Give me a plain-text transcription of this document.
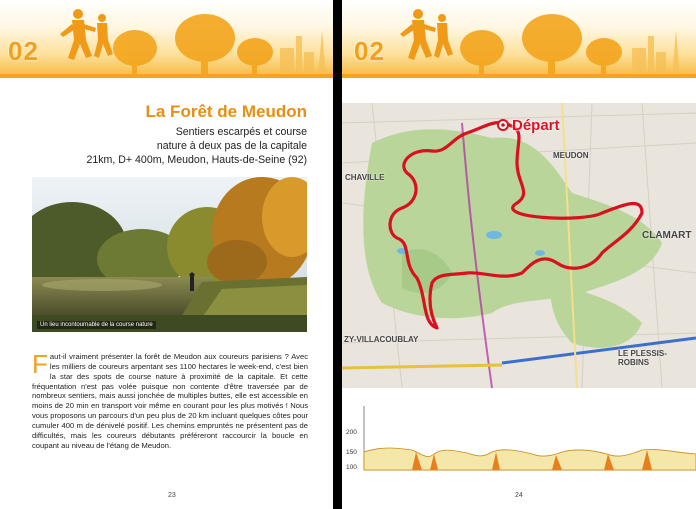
02
La Forêt de Meudon
Sentiers escarpés et course
nature à deux pas de la capitale
21km, D+ 400m, Meudon, Hauts-de-Seine (92)
Un lieu incontournable de la course nature
Faut-il vraiment présenter la forêt de Meudon aux coureurs parisiens ? Avec les milliers de coureurs arpentant ses 1100 hectares le week-end, c'est bien la star des spots de course nature à proximité de la capitale. Et cette fréquentation n'est pas volée puisque non contente d'être traversée par de nombreux sentiers, mais aussi jonchée de multiples buttes, elle est accessible en moins de 20 min en transport voir même en courant pour les plus motivés ! Nous vous proposons un parcours d'un peu plus de 20 km incluant quelques côtes pour cumuler 400 m de dénivelé positif. Les chemins empruntés ne présentent pas de difficultés, mais les coureurs débutants préféreront raccourcir la boucle en coupant au niveau de l'étang de Meudon.
23
02
Départ
MEUDON
CHAVILLE
CLAMART
ZY-VILLACOUBLAY
LE PLESSIS-ROBINS
200
150
100
24
